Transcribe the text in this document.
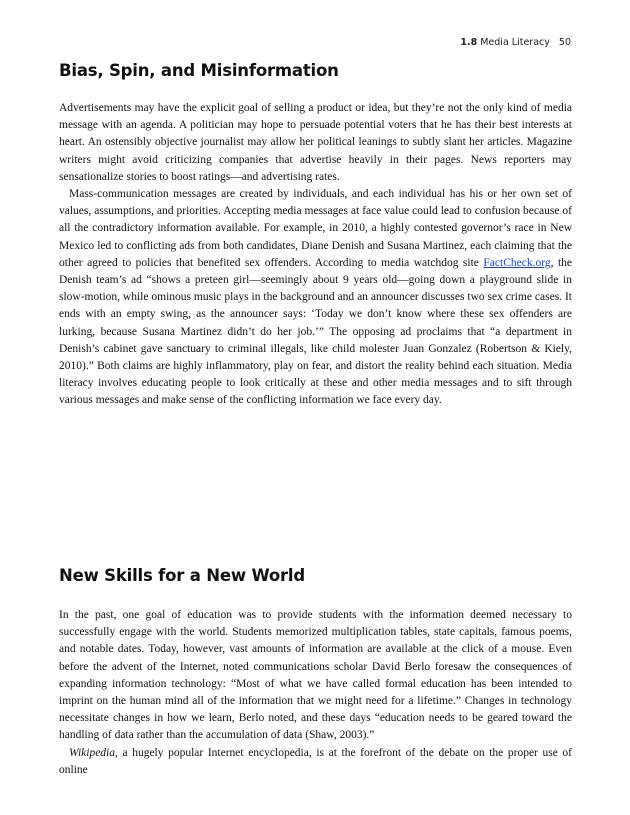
1.8 Media Literacy 50
Bias, Spin, and Misinformation

Advertisements may have the explicit goal of selling a product or idea, but they’re not the only kind of media message with an agenda. A politician may hope to persuade potential voters that he has their best interests at heart. An ostensibly objective journalist may allow her political leanings to subtly slant her articles. Magazine writers might avoid criticizing companies that advertise heavily in their pages. News reporters may sensationalize stories to boost ratings—and advertising rates.

Mass-communication messages are created by individuals, and each individual has his or her own set of values, assumptions, and priorities. Accepting media messages at face value could lead to confusion because of all the contradictory information available. For example, in 2010, a highly contested governor’s race in New Mexico led to conflicting ads from both candidates, Diane Denish and Susana Martinez, each claiming that the other agreed to policies that benefited sex offenders. According to media watchdog site FactCheck.org, the Denish team’s ad “shows a preteen girl—seemingly about 9 years old—going down a playground slide in slow-motion, while ominous music plays in the background and an announcer discusses two sex crime cases. It ends with an empty swing, as the announcer says: ‘Today we don’t know where these sex offenders are lurking, because Susana Martinez didn’t do her job.’” The opposing ad proclaims that “a department in Denish’s cabinet gave sanctuary to criminal illegals, like child molester Juan Gonzalez (Robertson & Kiely, 2010).” Both claims are highly inflammatory, play on fear, and distort the reality behind each situation. Media literacy involves educating people to look critically at these and other media messages and to sift through various messages and make sense of the conflicting information we face every day.

New Skills for a New World

In the past, one goal of education was to provide students with the information deemed necessary to successfully engage with the world. Students memorized multiplication tables, state capitals, famous poems, and notable dates. Today, however, vast amounts of information are available at the click of a mouse. Even before the advent of the Internet, noted communications scholar David Berlo foresaw the consequences of expanding information technology: “Most of what we have called formal education has been intended to imprint on the human mind all of the information that we might need for a lifetime.” Changes in technology necessitate changes in how we learn, Berlo noted, and these days “education needs to be geared toward the handling of data rather than the accumulation of data (Shaw, 2003).”

Wikipedia, a hugely popular Internet encyclopedia, is at the forefront of the debate on the proper use of online
